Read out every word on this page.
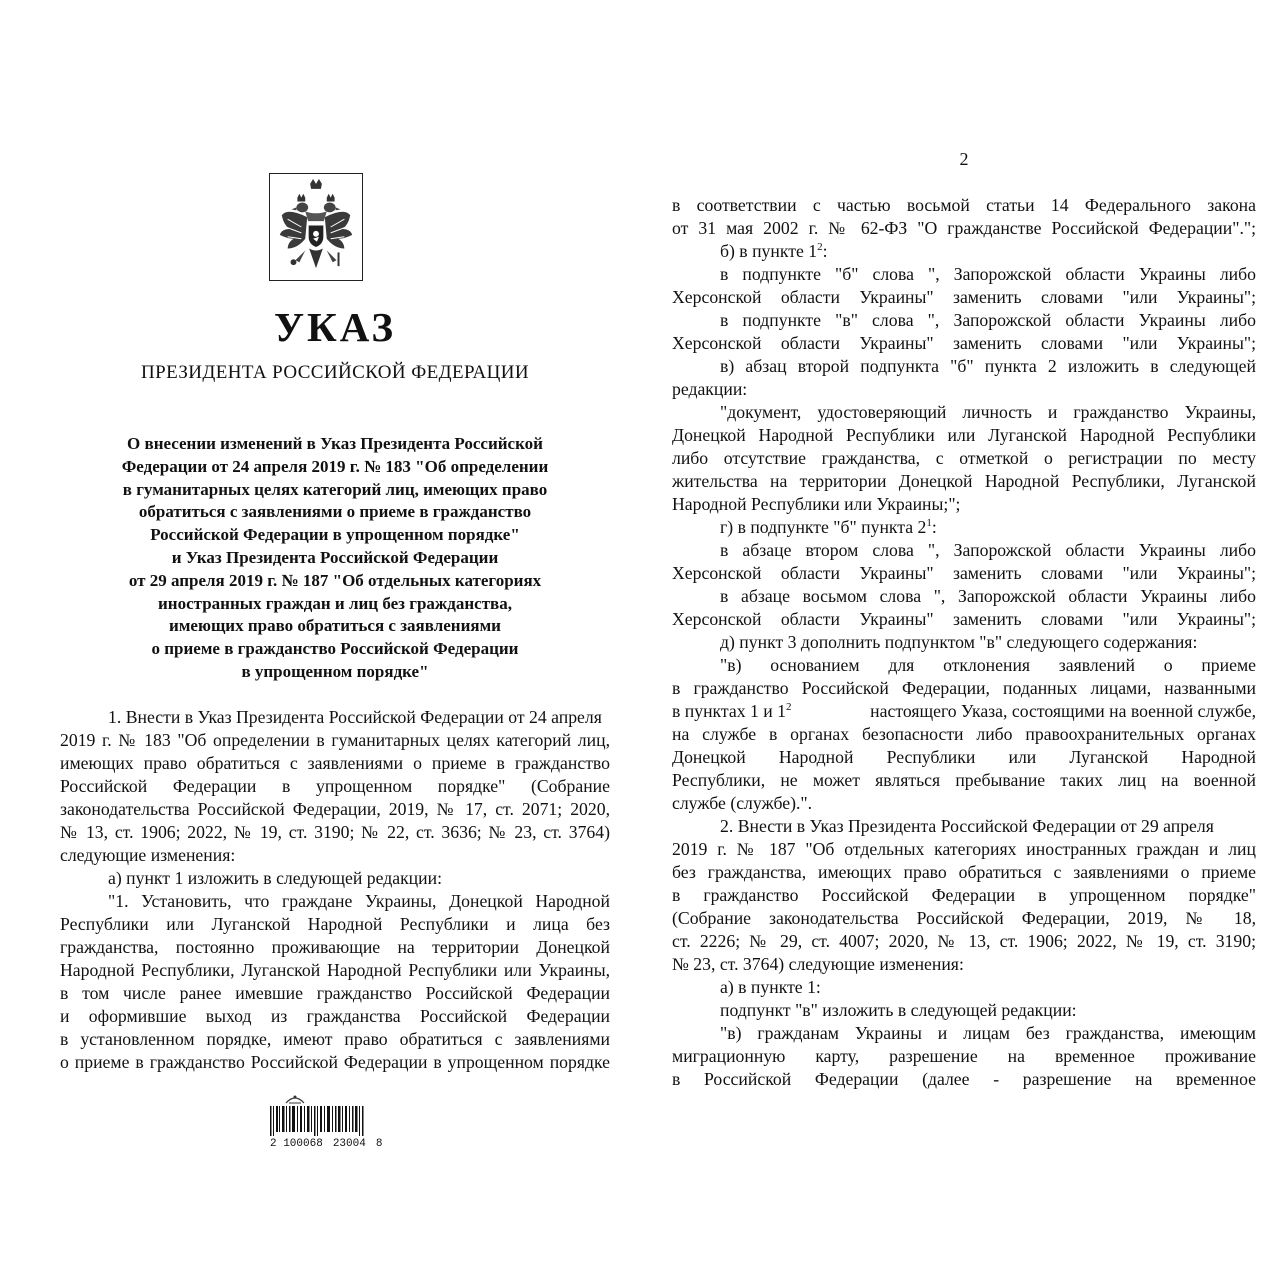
УКАЗ
ПРЕЗИДЕНТА РОССИЙСКОЙ ФЕДЕРАЦИИ
О внесении изменений в Указ Президента Российской
Федерации от 24 апреля 2019 г. № 183 "Об определении
в гуманитарных целях категорий лиц, имеющих право
обратиться с заявлениями о приеме в гражданство
Российской Федерации в упрощенном порядке"
и Указ Президента Российской Федерации
от 29 апреля 2019 г. № 187 "Об отдельных категориях
иностранных граждан и лиц без гражданства,
имеющих право обратиться с заявлениями
о приеме в гражданство Российской Федерации
в упрощенном порядке"
1. Внести в Указ Президента Российской Федерации от 24 апреля
2019 г. № 183 "Об определении в гуманитарных целях категорий лиц,
имеющих право обратиться с заявлениями о приеме в гражданство
Российской Федерации в упрощенном порядке" (Собрание
законодательства Российской Федерации, 2019, № 17, ст. 2071; 2020,
№ 13, ст. 1906; 2022, № 19, ст. 3190; № 22, ст. 3636; № 23, ст. 3764)
следующие изменения:
а) пункт 1 изложить в следующей редакции:
"1. Установить, что граждане Украины, Донецкой Народной
Республики или Луганской Народной Республики и лица без
гражданства, постоянно проживающие на территории Донецкой
Народной Республики, Луганской Народной Республики или Украины,
в том числе ранее имевшие гражданство Российской Федерации
и оформившие выход из гражданства Российской Федерации
в установленном порядке, имеют право обратиться с заявлениями
о приеме в гражданство Российской Федерации в упрощенном порядке
2 100068 23004 8
2
в соответствии с частью восьмой статьи 14 Федерального закона
от 31 мая 2002 г. № 62-ФЗ "О гражданстве Российской Федерации".";
б) в пункте $1^2$:
в подпункте "б" слова ", Запорожской области Украины либо
Херсонской области Украины" заменить словами "или Украины";
в подпункте "в" слова ", Запорожской области Украины либо
Херсонской области Украины" заменить словами "или Украины";
в) абзац второй подпункта "б" пункта 2 изложить в следующей
редакции:
"документ, удостоверяющий личность и гражданство Украины,
Донецкой Народной Республики или Луганской Народной Республики
либо отсутствие гражданства, с отметкой о регистрации по месту
жительства на территории Донецкой Народной Республики, Луганской
Народной Республики или Украины;";
г) в подпункте "б" пункта $2^1$:
в абзаце втором слова ", Запорожской области Украины либо
Херсонской области Украины" заменить словами "или Украины";
в абзаце восьмом слова ", Запорожской области Украины либо
Херсонской области Украины" заменить словами "или Украины";
д) пункт 3 дополнить подпунктом "в" следующего содержания:
"в) основанием для отклонения заявлений о приеме
в гражданство Российской Федерации, поданных лицами, названными
в пунктах 1 и $1^2$	настоящего Указа, состоящими на военной службе,
на службе в органах безопасности либо правоохранительных органах
Донецкой Народной Республики или Луганской Народной
Республики, не может являться пребывание таких лиц на военной
службе (службе).".
2. Внести в Указ Президента Российской Федерации от 29 апреля
2019 г. № 187 "Об отдельных категориях иностранных граждан и лиц
без гражданства, имеющих право обратиться с заявлениями о приеме
в гражданство Российской Федерации в упрощенном порядке"
(Собрание законодательства Российской Федерации, 2019, № 18,
ст. 2226; № 29, ст. 4007; 2020, № 13, ст. 1906; 2022, № 19, ст. 3190;
№ 23, ст. 3764) следующие изменения:
а) в пункте 1:
подпункт "в" изложить в следующей редакции:
"в) гражданам Украины и лицам без гражданства, имеющим
миграционную карту, разрешение на временное проживание
в Российской Федерации (далее - разрешение на временное
